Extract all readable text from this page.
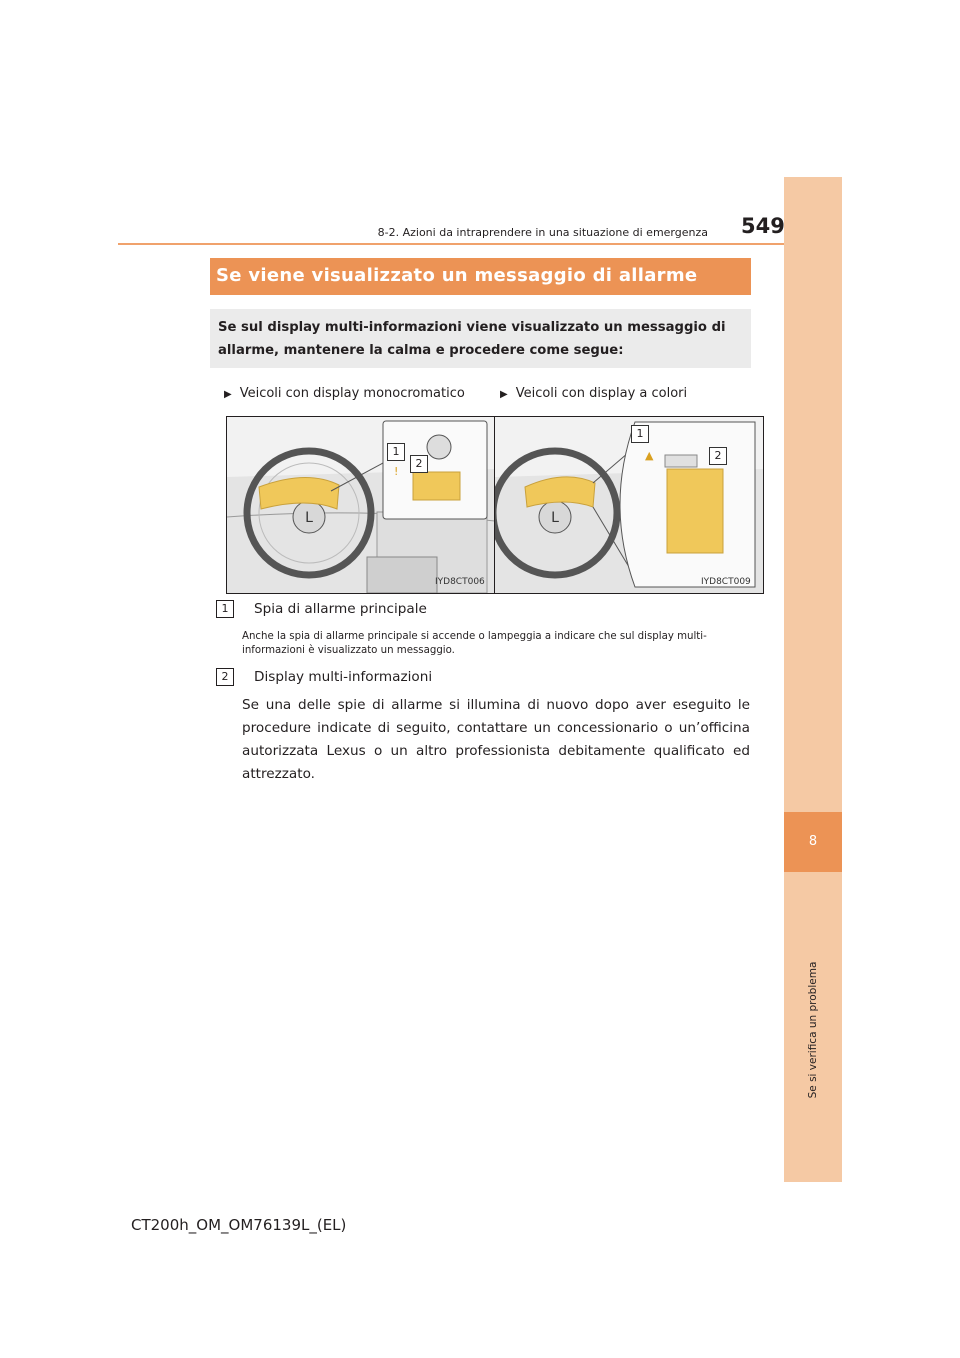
8
Se si verifica un problema
8-2. Azioni da intraprendere in una situazione di emergenza 549
Se viene visualizzato un messaggio di allarme
Se sul display multi-informazioni viene visualizzato un messaggio di allarme, mantenere la calma e procedere come segue:
▶ Veicoli con display monocromatico	▶ Veicoli con display a colori
L
!
1
2
IYD8CT006
L
▲
1
2
IYD8CT009
1 Spia di allarme principale
Anche la spia di allarme principale si accende o lampeggia a indicare che sul display multi-informazioni è visualizzato un messaggio.
2 Display multi-informazioni
Se una delle spie di allarme si illumina di nuovo dopo aver eseguito le procedure indicate di seguito, contattare un concessionario o un’officina autorizzata Lexus o un altro professionista debitamente qualificato ed attrezzato.
CT200h_OM_OM76139L_(EL)
